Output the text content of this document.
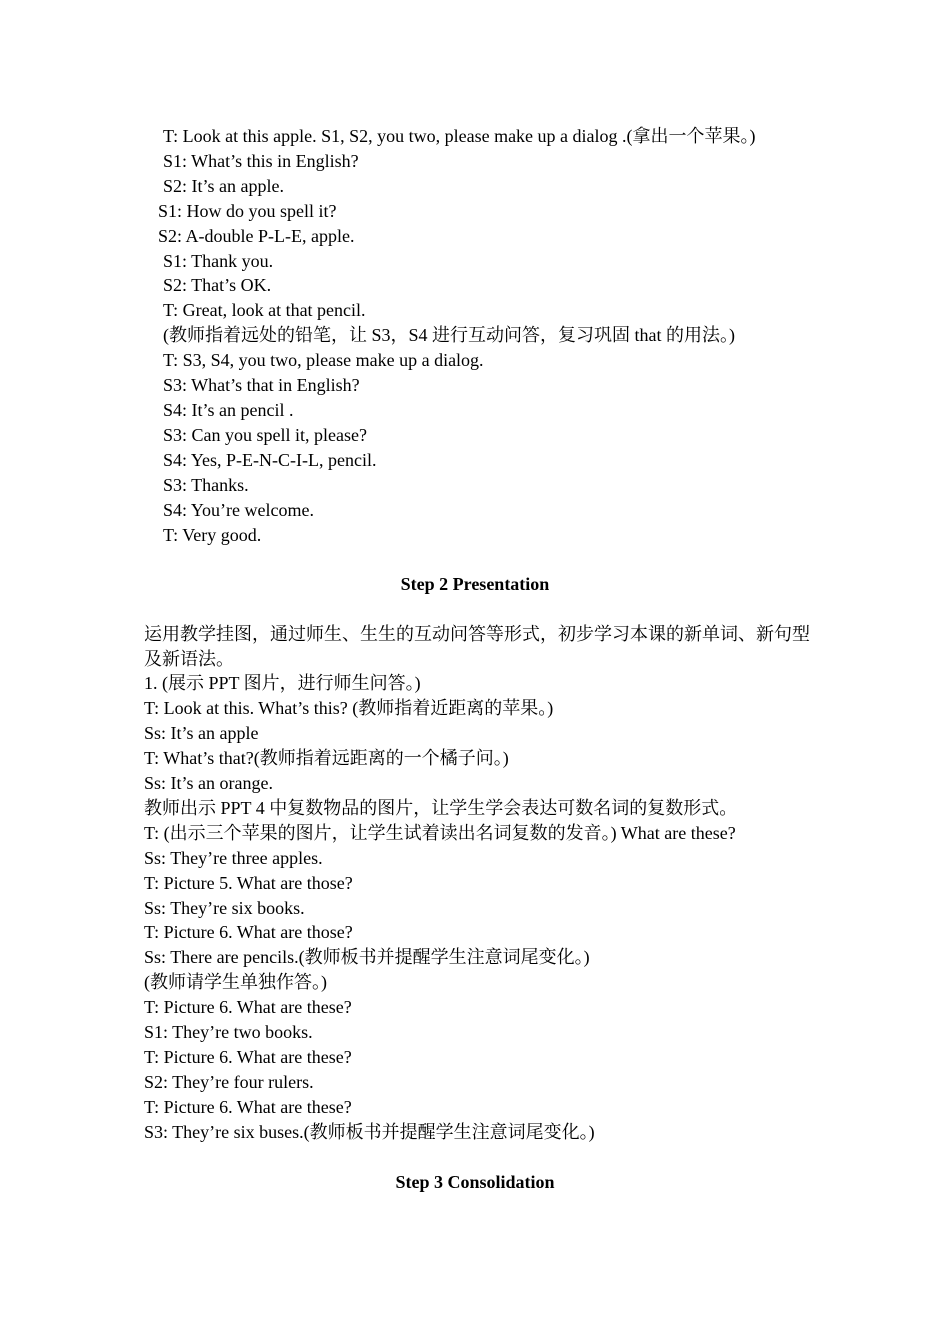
T: Look at this apple. S1, S2, you two, please make up a dialog .(拿出一个苹果。)
S1: What’s this in English?
S2: It’s an apple.
S1: How do you spell it?
S2: A-double P-L-E, apple.
S1: Thank you.
S2: That’s OK.
T: Great, look at that pencil.
(教师指着远处的铅笔，让 S3，S4 进行互动问答，复习巩固 that 的用法。)
T: S3, S4, you two, please make up a dialog.
S3: What’s that in English?
S4: It’s an pencil .
S3: Can you spell it, please?
S4: Yes, P-E-N-C-I-L, pencil.
S3: Thanks.
S4: You’re welcome.
T: Very good.
Step 2 Presentation
运用教学挂图，通过师生、生生的互动问答等形式，初步学习本课的新单词、新句型及新语法。
1. (展示 PPT 图片，进行师生问答。)
T: Look at this. What’s this? (教师指着近距离的苹果。)
Ss: It’s an apple
T: What’s that?(教师指着远距离的一个橘子问。)
Ss: It’s an orange.
教师出示 PPT 4 中复数物品的图片，让学生学会表达可数名词的复数形式。
T: (出示三个苹果的图片，让学生试着读出名词复数的发音。) What are these?
Ss: They’re three apples.
T: Picture 5. What are those?
Ss: They’re six books.
T: Picture 6. What are those?
Ss: There are pencils.(教师板书并提醒学生注意词尾变化。)
(教师请学生单独作答。)
T: Picture 6. What are these?
S1: They’re two books.
T: Picture 6. What are these?
S2: They’re four rulers.
T: Picture 6. What are these?
S3: They’re six buses.(教师板书并提醒学生注意词尾变化。)
Step 3 Consolidation
